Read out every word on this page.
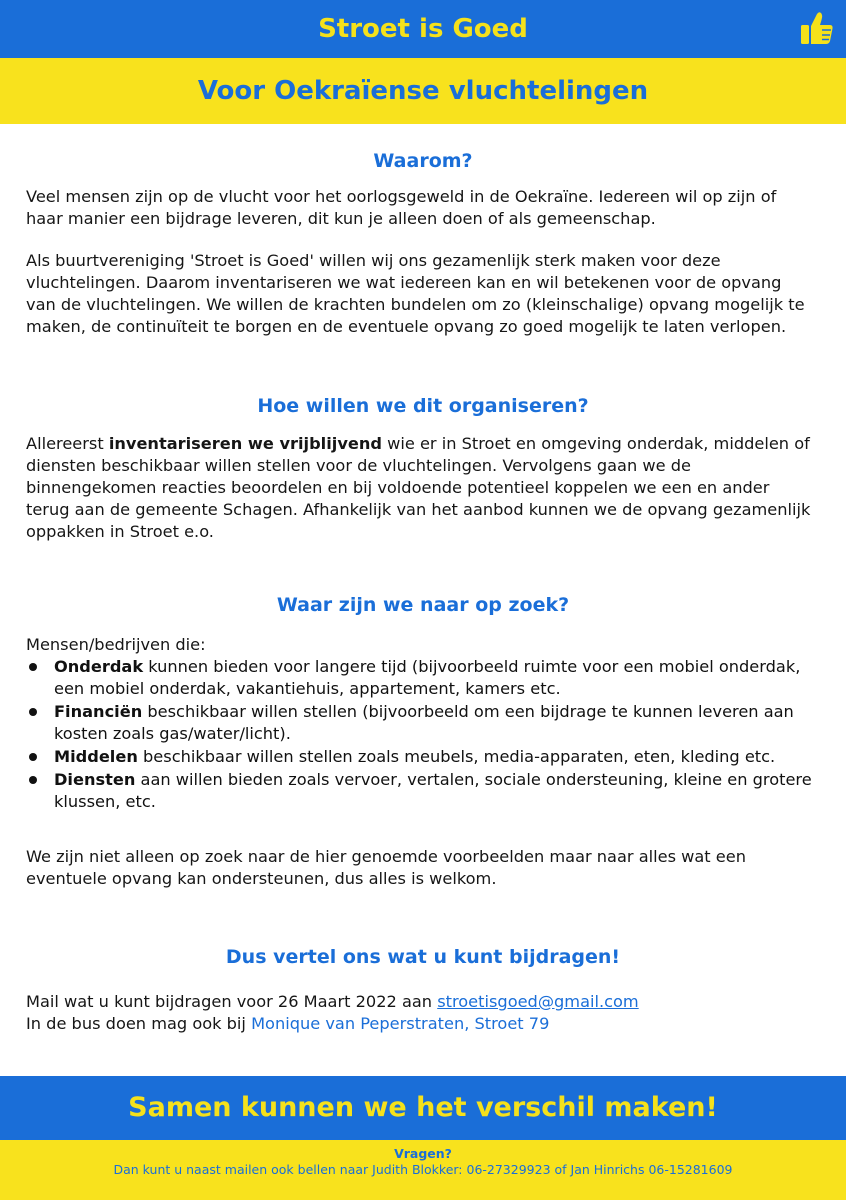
Stroet is Goed
Voor Oekraïense vluchtelingen
Waarom?
Veel mensen zijn op de vlucht voor het oorlogsgeweld in de Oekraïne. Iedereen wil op zijn of haar manier een bijdrage leveren, dit kun je alleen doen of als gemeenschap.
Als buurtvereniging 'Stroet is Goed' willen wij ons gezamenlijk sterk maken voor deze vluchtelingen. Daarom inventariseren we wat iedereen kan en wil betekenen voor de opvang van de vluchtelingen. We willen de krachten bundelen om zo (kleinschalige) opvang mogelijk te maken, de continuïteit te borgen en de eventuele opvang zo goed mogelijk te laten verlopen.
Hoe willen we dit organiseren?
Allereerst inventariseren we vrijblijvend wie er in Stroet en omgeving onderdak, middelen of diensten beschikbaar willen stellen voor de vluchtelingen. Vervolgens gaan we de binnengekomen reacties beoordelen en bij voldoende potentieel koppelen we een en ander terug aan de gemeente Schagen. Afhankelijk van het aanbod kunnen we de opvang gezamenlijk oppakken in Stroet e.o.
Waar zijn we naar op zoek?
Mensen/bedrijven die:
Onderdak kunnen bieden voor langere tijd (bijvoorbeeld ruimte voor een mobiel onderdak, een mobiel onderdak, vakantiehuis, appartement, kamers etc.
Financiën beschikbaar willen stellen (bijvoorbeeld om een bijdrage te kunnen leveren aan kosten zoals gas/water/licht).
Middelen beschikbaar willen stellen zoals meubels, media-apparaten, eten, kleding etc.
Diensten aan willen bieden zoals vervoer, vertalen, sociale ondersteuning, kleine en grotere klussen, etc.
We zijn niet alleen op zoek naar de hier genoemde voorbeelden maar naar alles wat een eventuele opvang kan ondersteunen, dus alles is welkom.
Dus vertel ons wat u kunt bijdragen!
Mail wat u kunt bijdragen voor 26 Maart 2022 aan stroetisgoed@gmail.com
In de bus doen mag ook bij Monique van Peperstraten, Stroet 79
Samen kunnen we het verschil maken!
Vragen?
Dan kunt u naast mailen ook bellen naar Judith Blokker: 06-27329923 of Jan Hinrichs 06-15281609
